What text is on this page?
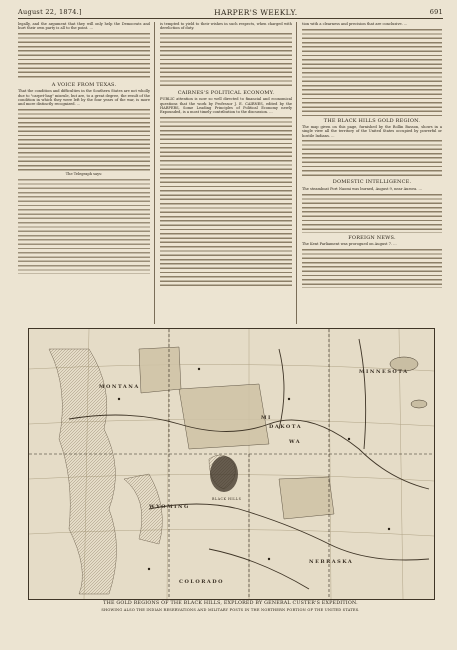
August 22, 1874.]	HARPER'S WEEKLY.	691
legally, and the argument that they will only help the Democrats and hurt their own party is all to the point. ...
A VOICE FROM TEXAS.
That the condition and difficulties in the Southern States are not wholly due to "carpet-bag" misrule, but are, to a great degree, the result of the condition in which they were left by the four years of the war, is more and more distinctly recognized. ...
The Telegraph says:
is tempted to yield to their wishes in such respects, when charged with dereliction of duty.
CAIRNES'S POLITICAL ECONOMY.
PUBLIC attention is now so well directed to financial and economical questions that the work by Professor J. E. CAIRNES, edited by the HARPERS, Some Leading Principles of Political Economy newly Expounded, is a most timely contribution to the discussion. ...
tion with a clearness and precision that are conclusive. ...
THE BLACK HILLS GOLD REGION.
The map given on this page, furnished by the Rollin Basson, shows in a single view all the territory of the United States occupied by powerful or hostile Indians. ...
DOMESTIC INTELLIGENCE.
The steamboat Port Naomi was burned, August 9, near Aurora. ...
FOREIGN NEWS.
The Kent Parliament was prorogued on August 7. ...
MINNESOTA
DAKOTA
MONTANA
WYOMING
NEBRASKA
COLORADO
BLACK HILLS
MI
WA
THE GOLD REGIONS OF THE BLACK HILLS, EXPLORED BY GENERAL CUSTER'S EXPEDITION.
SHOWING ALSO THE INDIAN RESERVATIONS AND MILITARY POSTS IN THE NORTHERN PORTION OF THE UNITED STATES.
